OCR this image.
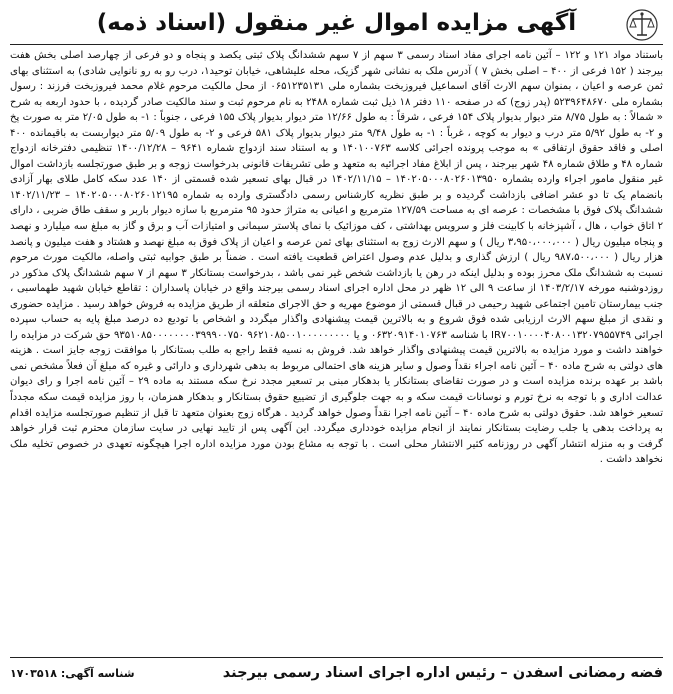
آگهی مزایده اموال غیر منقول (اسناد ذمه)

باستناد مواد ۱۲۱ و ۱۲۲ – آئین نامه اجرای مفاد اسناد رسمی ۳ سهم از ۷ سهم ششدانگ پلاک ثبتی یکصد و پنجاه و دو فرعی از چهارصد اصلی بخش هفت بیرجند ( ۱۵۲ فرعی از ۴۰۰ – اصلی بخش ۷ ) آدرس ملک به نشانی شهر گزیک، محله علیشاهی، خیابان توحید۱، درب رو به رو نانوایی شادی) به استثنای بهای ثمن عرصه و اعیان ، بمنوان سهم الارث آقای اسماعیل فیروزبخت بشماره ملی ۰۶۵۱۲۳۵۱۳۱ از محل مالکیت مرحوم غلام محمد فیروزبخت فرزند : رسول بشماره ملی ۵۲۳۹۶۴۸۶۷۰ (پدر زوج) که در صفحه ۱۱۰ دفتر ۱۸ ذیل ثبت شماره ۲۴۸۸ به نام مرحوم ثبت و سند مالکیت صادر گردیده ، با حدود اربعه به شرح « شمالاً : به طول ۸/۷۵ متر دیوار بدیوار پلاک ۱۵۴ فرعی ، شرقاً : به طول ۱۲/۶۶ متر دیوار بدیوار پلاک ۱۵۵ فرعی ، جنوباً : ۱- به طول ۲/۰۵ متر به صورت پخ و ۲- به طول ۵/۹۲ متر درب و دیوار به کوچه ، غرباً : ۱- به طول ۹/۴۸ متر دیوار بدیوار پلاک ۵۸۱ فرعی و ۲- به طول ۵/۰۹ متر دیواربست به باقیمانده ۴۰۰ اصلی و فاقد حقوق ارتفاقی » به موجب پرونده اجرائی کلاسه ۱۴۰۱۰۰۷۶۳ و به استناد سند ازدواج شماره ۹۶۴۱ – ۱۴۰۰/۱۲/۲۸ تنظیمی دفترخانه ازدواج شماره ۴۸ و طلاق شماره ۴۸ شهر بیرجند ، پس از ابلاغ مفاد اجرائیه به متعهد و طی تشریفات قانونی بدرخواست زوجه و بر طبق صورتجلسه بازداشت اموال غیر منقول مامور اجراء وارده بشماره ۱۴۰۲۰۵۰۰۰۸۰۲۶۰۱۳۹۵۰ – ۱۴۰۲/۱۱/۱۵ در قبال بهای تسعیر شده قسمتی از ۱۴۰ عدد سکه کامل طلای بهار آزادی بانضمام یک تا دو عشر اضافی بازداشت گردیده و بر طبق نظریه کارشناس رسمی دادگستری وارده به شماره ۱۴۰۲۰۵۰۰۰۸۰۲۶۰۱۲۱۹۵ – ۱۴۰۲/۱۱/۲۳ ششدانگ پلاک فوق با مشخصات : عرصه ای به مساحت ۱۲۷/۵۹ مترمربع و اعیانی به متراژ حدود ۹۵ مترمربع با سازه دیوار باربر و سقف طاق ضربی ، دارای ۲ اتاق خواب ، هال ، آشپزخانه با کابینت فلز و سرویس بهداشتی ، کف موزائیک با نمای پلاستر سیمانی و امتیازات آب و برق و گاز به مبلغ سه میلیارد و نهصد و پنجاه میلیون ریال ( ۳،۹۵۰،۰۰۰،۰۰۰ ریال ) و سهم الارث زوج به استثنای بهای ثمن عرصه و اعیان از پلاک فوق به مبلغ نهصد و هشتاد و هفت میلیون و پانصد هزار ریال ( ۹۸۷،۵۰۰،۰۰۰ ریال ) ارزش گذاری و بدلیل عدم وصول اعتراض قطعیت یافته است . ضمناً بر طبق جوابیه ثبتی واصله، مالکیت مورث مرحوم نسبت به ششدانگ ملک محرز بوده و بدلیل اینکه در رهن یا بازداشت شخص غیر نمی باشد ، بدرخواست بستانکار ۳ سهم از ۷ سهم ششدانگ پلاک مذکور در روزدوشنبه مورخه ۱۴۰۳/۲/۱۷ از ساعت ۹ الی ۱۲ ظهر در محل اداره اجرای اسناد رسمی بیرجند واقع در خیابان پاسداران : تقاطع خیابان شهید طهماسبی ، جنب بیمارستان تامین اجتماعی شهید رحیمی در قبال قسمتی از موضوع مهریه و حق الاجرای متعلقه از طریق مزایده به فروش خواهد رسید . مزایده حضوری و نقدی از مبلغ سهم الارث ارزیابی شده فوق شروع و به بالاترین قیمت پیشنهادی واگذار میگردد و اشخاص با تودیع ده درصد مبلغ پایه به حساب سپرده اجرائی IR۷۰۰۱۰۰۰۰۴۰۸۰۰۱۳۲۰۷۹۵۵۷۴۹ با شناسه ۰۶۳۲۰۹۱۴۰۱۰۷۶۳ و یا ۹۶۲۱۰۸۵۰۰۱۰۰۰۰۰۰۰۰۰ ۹۳۵۱۰۸۵۰۰۰۰۰۰۰۰۳۹۹۹۰۰۷۵۰ حق شرکت در مزایده را خواهند داشت و مورد مزایده به بالاترین قیمت پیشنهادی واگذار خواهد شد. فروش به نسیه فقط راجع به طلب بستانکار با موافقت زوجه جایز است . هزینه های دولتی به شرح ماده ۴۰ – آئین نامه اجراء نقداً وصول و سایر هزینه های احتمالی مربوط به بدهی شهرداری و دارائی و غیره که مبلغ آن فعلاً مشخص نمی باشد بر عهده برنده مزایده است و در صورت تقاضای بستانکار یا بدهکار مبنی بر تسعیر مجدد نرخ سکه مستند به ماده ۲۹ – آئین نامه اجرا و رای دیوان عدالت اداری و با توجه به نرخ تورم و نوسانات قیمت سکه و به جهت جلوگیری از تضییع حقوق بستانکار و بدهکار همزمان، با روز مزایده قیمت سکه مجدداً تسعیر خواهد شد. حقوق دولتی به شرح ماده ۴۰ – آئین نامه اجرا نقداً وصول خواهد گردید . هرگاه زوج بعنوان متعهد تا قبل از تنظیم صورتجلسه مزایده اقدام به پرداخت بدهی یا جلب رضایت بستانکار نمایند از انجام مزایده خودداری میگردد. این آگهی پس از تایید نهایی در سایت سازمان محترم ثبت قرار خواهد گرفت و به منزله انتشار آگهی در روزنامه کثیر الانتشار محلی است . با توجه به مشاع بودن مورد مزایده اداره اجرا هیچگونه تعهدی در خصوص تخلیه ملک نخواهد داشت .

فضه رمضانی اسفدن – رئیس اداره اجرای اسناد رسمی بیرجند
شناسه آگهی: ۱۷۰۳۵۱۸
